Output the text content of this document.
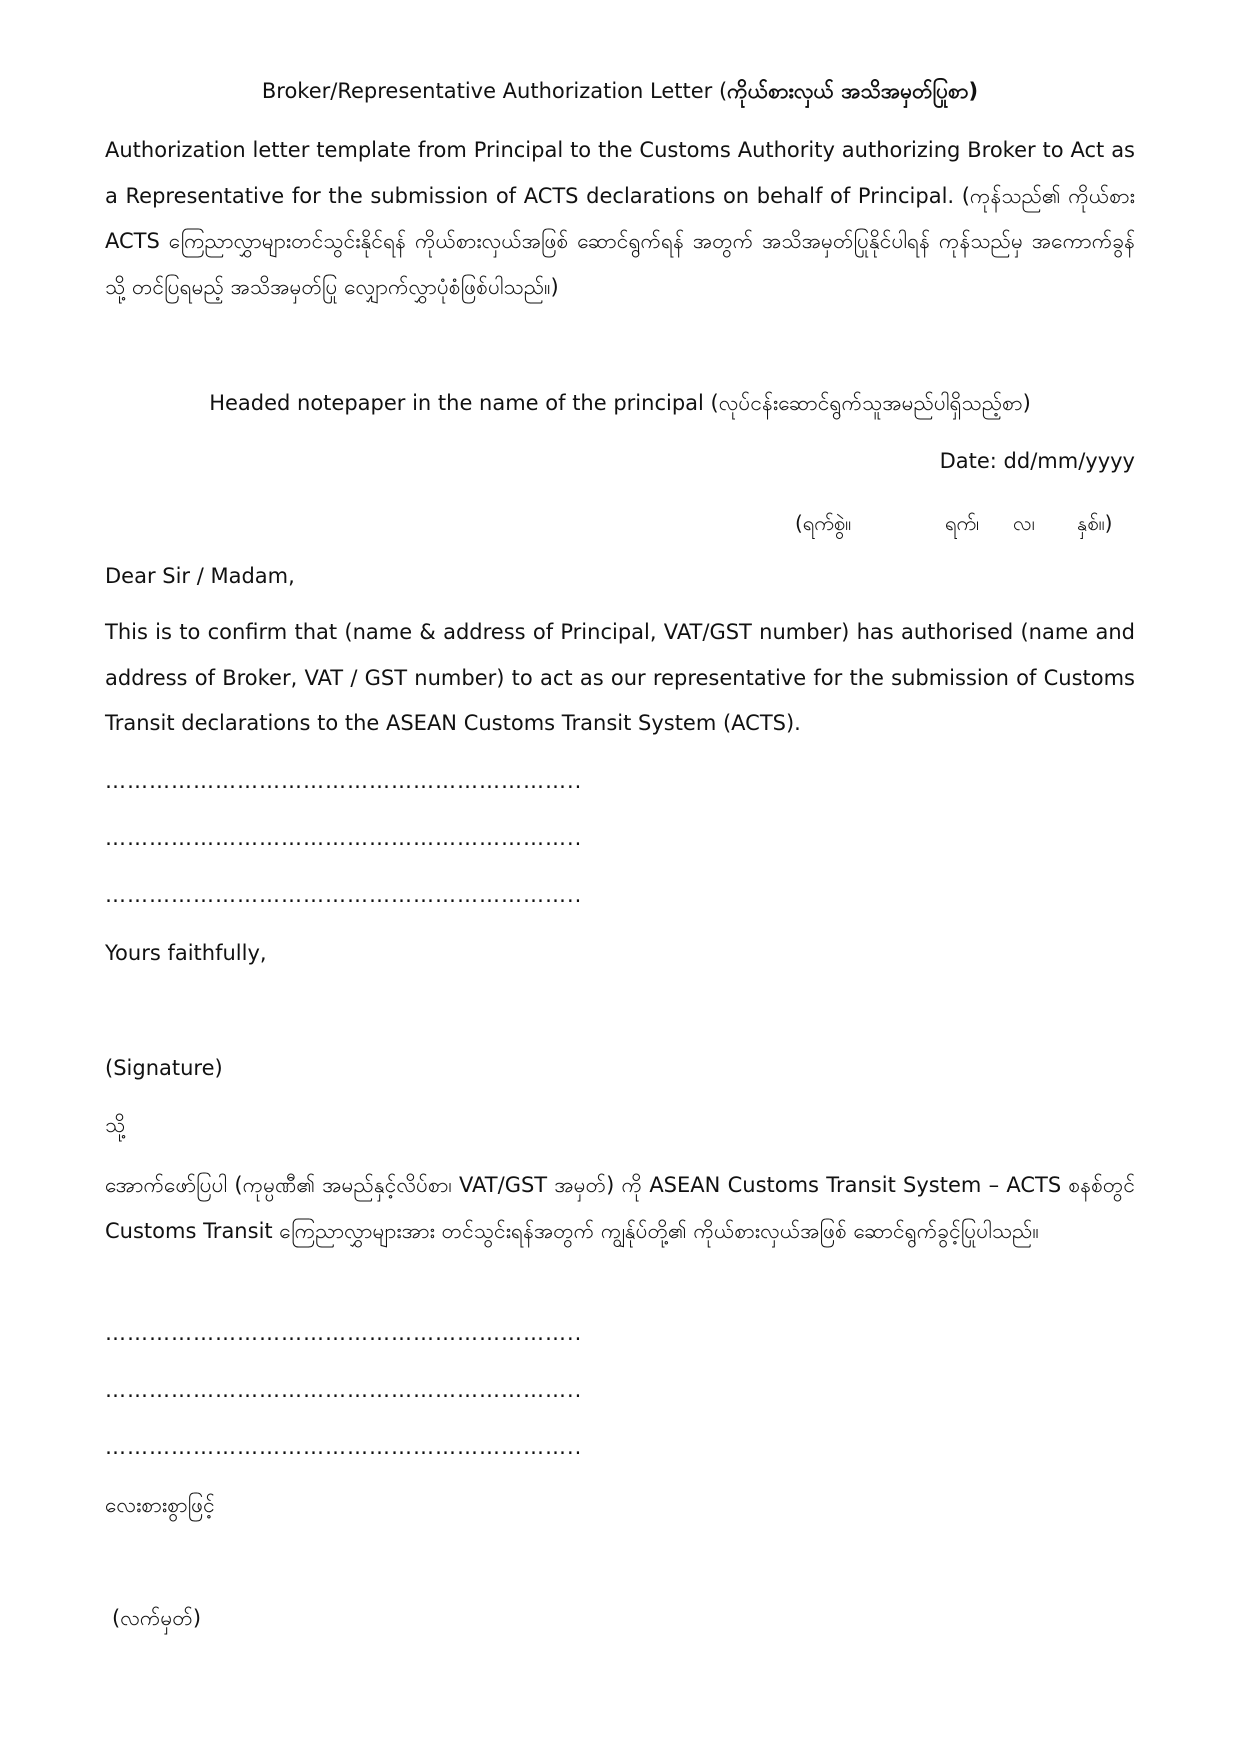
Broker/Representative Authorization Letter (ကိုယ်စားလှယ် အသိအမှတ်ပြုစာ)
Authorization letter template from Principal to the Customs Authority authorizing Broker to Act as a Representative for the submission of ACTS declarations on behalf of Principal. (ကုန်သည်၏ ကိုယ်စား ACTS ကြေညာလွှာများတင်သွင်းနိုင်ရန် ကိုယ်စားလှယ်အဖြစ် ဆောင်ရွက်ရန် အတွက် အသိအမှတ်ပြုနိုင်ပါရန် ကုန်သည်မှ အကောက်ခွန်သို့ တင်ပြရမည့် အသိအမှတ်ပြု လျှောက်လွှာပုံစံဖြစ်ပါသည်။)
Headed notepaper in the name of the principal (လုပ်ငန်းဆောင်ရွက်သူအမည်ပါရှိသည့်စာ)
Date: dd/mm/yyyy
(ရက်စွဲ။	ရက်၊ လ၊ နှစ်။)
Dear Sir / Madam,
This is to confirm that (name & address of Principal, VAT/GST number) has authorised (name and address of Broker, VAT / GST number) to act as our representative for the submission of Customs Transit declarations to the ASEAN Customs Transit System (ACTS).
………………………………………………………..
………………………………………………………..
………………………………………………………..
Yours faithfully,
(Signature)
သို့
အောက်ဖော်ပြပါ (ကုမ္ပဏီ၏ အမည်နှင့်လိပ်စာ၊ VAT/GST အမှတ်) ကို ASEAN Customs Transit System – ACTS စနစ်တွင် Customs Transit ကြေညာလွှာများအား တင်သွင်းရန်အတွက် ကျွန်ုပ်တို့၏ ကိုယ်စားလှယ်အဖြစ် ဆောင်ရွက်ခွင့်ပြုပါသည်။
………………………………………………………..
………………………………………………………..
………………………………………………………..
လေးစားစွာဖြင့်
(လက်မှတ်)
